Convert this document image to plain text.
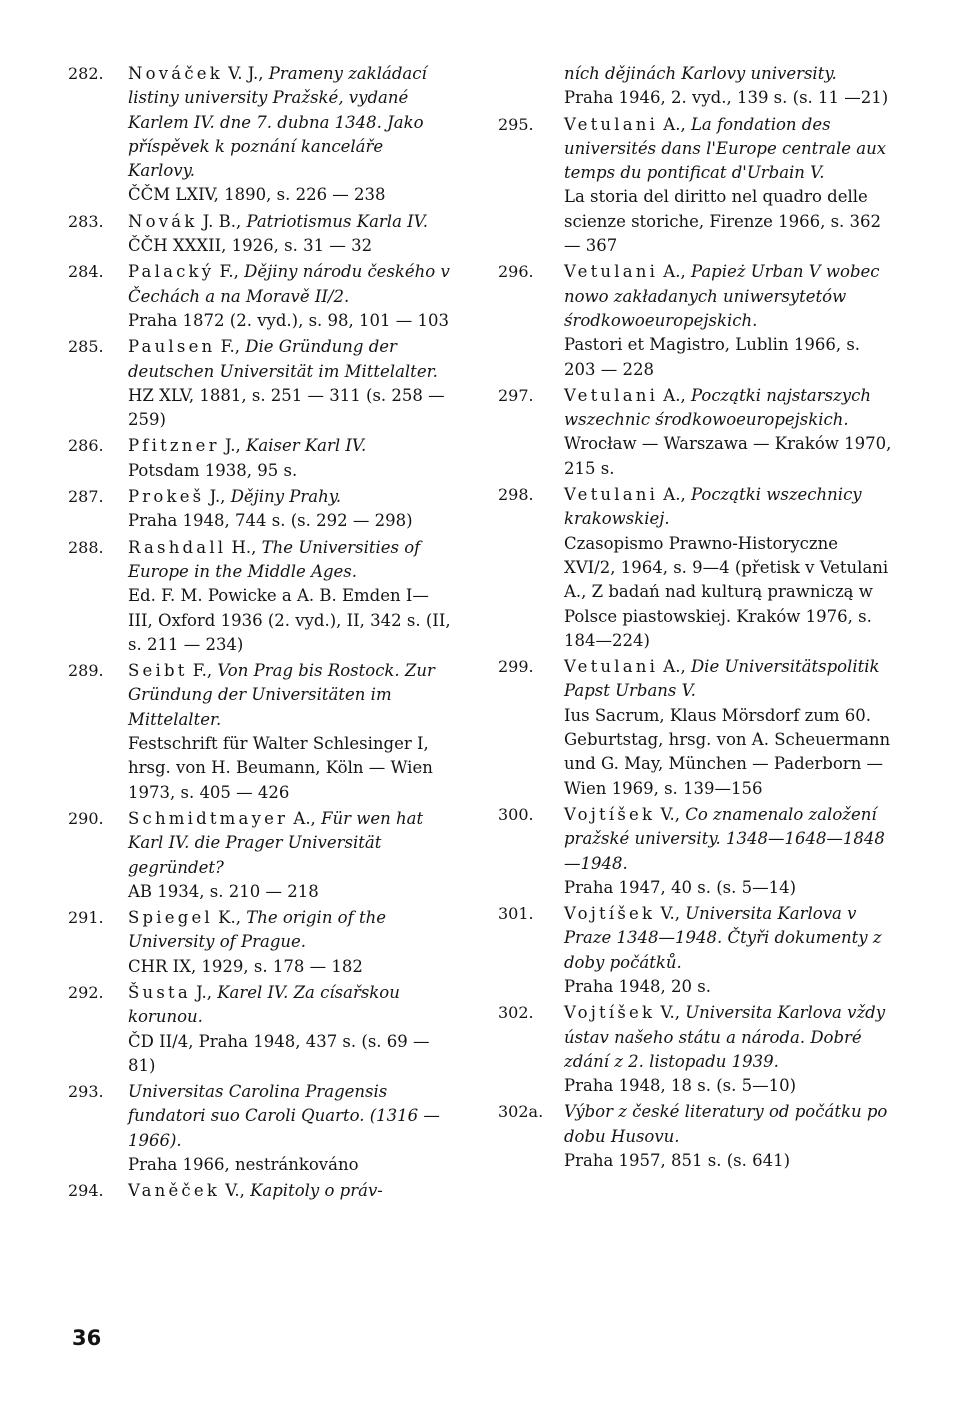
282.	Nováček V. J., Prameny zakládací listiny university Pražské, vydané Karlem IV. dne 7. dubna 1348. Jako příspěvek k poznání kanceláře Karlovy.
ČČM LXIV, 1890, s. 226 — 238
283.	Novák J. B., Patriotismus Karla IV.
ČČH XXXII, 1926, s. 31 — 32
284.	Palacký F., Dějiny národu českého v Čechách a na Moravě II/2.
Praha 1872 (2. vyd.), s. 98, 101 — 103
285.	Paulsen F., Die Gründung der deutschen Universität im Mittelalter.
HZ XLV, 1881, s. 251 — 311 (s. 258 — 259)
286.	Pfitzner J., Kaiser Karl IV.
Potsdam 1938, 95 s.
287.	Prokeš J., Dějiny Prahy.
Praha 1948, 744 s. (s. 292 — 298)
288.	Rashdall H., The Universities of Europe in the Middle Ages.
Ed. F. M. Powicke a A. B. Emden I—III, Oxford 1936 (2. vyd.), II, 342 s. (II, s. 211 — 234)
289.	Seibt F., Von Prag bis Rostock. Zur Gründung der Universitäten im Mittelalter.
Festschrift für Walter Schlesinger I, hrsg. von H. Beumann, Köln — Wien 1973, s. 405 — 426
290.	Schmidtmayer A., Für wen hat Karl IV. die Prager Universität gegründet?
AB 1934, s. 210 — 218
291.	Spiegel K., The origin of the University of Prague.
CHR IX, 1929, s. 178 — 182
292.	Šusta J., Karel IV. Za císařskou korunou.
ČD II/4, Praha 1948, 437 s. (s. 69 — 81)
293.	Universitas Carolina Pragensis fundatori suo Caroli Quarto. (1316 — 1966).
Praha 1966, nestránkováno
294.	Vaněček V., Kapitoly o práv-
ních dějinách Karlovy university.
Praha 1946, 2. vyd., 139 s. (s. 11 —21)
295.	Vetulani A., La fondation des universités dans l'Europe centrale aux temps du pontificat d'Urbain V.
La storia del diritto nel quadro delle scienze storiche, Firenze 1966, s. 362 — 367
296.	Vetulani A., Papież Urban V wobec nowo zakładanych uniwersytetów środkowoeuropejskich.
Pastori et Magistro, Lublin 1966, s. 203 — 228
297.	Vetulani A., Początki najstarszych wszechnic środkowoeuropejskich.
Wrocław — Warszawa — Kraków 1970, 215 s.
298.	Vetulani A., Początki wszechnicy krakowskiej.
Czasopismo Prawno-Historyczne XVI/2, 1964, s. 9—4 (přetisk v Vetulani A., Z badań nad kulturą prawniczą w Polsce piastowskiej. Kraków 1976, s. 184—224)
299.	Vetulani A., Die Universitätspolitik Papst Urbans V.
Ius Sacrum, Klaus Mörsdorf zum 60. Geburtstag, hrsg. von A. Scheuermann und G. May, München — Paderborn — Wien 1969, s. 139—156
300.	Vojtíšek V., Co znamenalo založení pražské university. 1348—1648—1848—1948.
Praha 1947, 40 s. (s. 5—14)
301.	Vojtíšek V., Universita Karlova v Praze 1348—1948. Čtyři dokumenty z doby počátků.
Praha 1948, 20 s.
302.	Vojtíšek V., Universita Karlova vždy ústav našeho státu a národa. Dobré zdání z 2. listopadu 1939.
Praha 1948, 18 s. (s. 5—10)
302a.	Výbor z české literatury od počátku po dobu Husovu.
Praha 1957, 851 s. (s. 641)
36
